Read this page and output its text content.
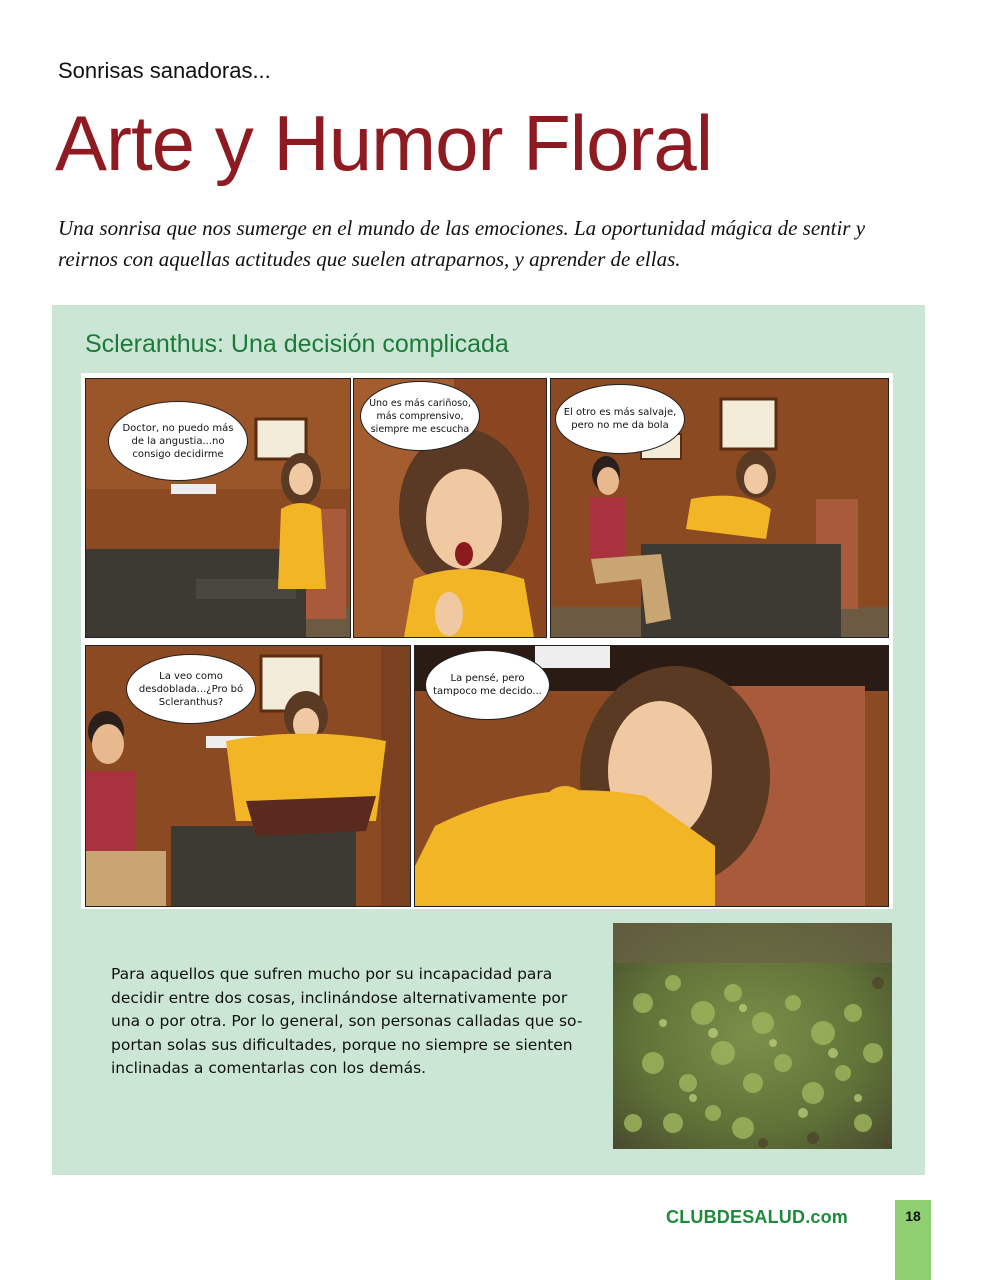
Sonrisas sanadoras...
Arte y Humor Floral

Una sonrisa que nos sumerge en el mundo de las emociones. La oportunidad mágica de sentir y reirnos con aquellas actitudes que suelen atraparnos, y aprender de ellas.

Scleranthus: Una decisión complicada
Doctor, no puedo más de la angustia...no consigo decidirme
Uno es más cariñoso, más comprensivo, siempre me escucha
El otro es más salvaje, pero no me da bola
La veo como desdoblada...¿Pro bó Scleranthus?
La pensé, pero tampoco me decido...

Para aquellos que sufren mucho por su incapacidad para decidir entre dos cosas, inclinándose alternativamente por una o por otra. Por lo general, son personas calladas que so-portan solas sus dificultades, porque no siempre se sienten inclinadas a comentarlas con los demás.

CLUBDESALUD.com	18
